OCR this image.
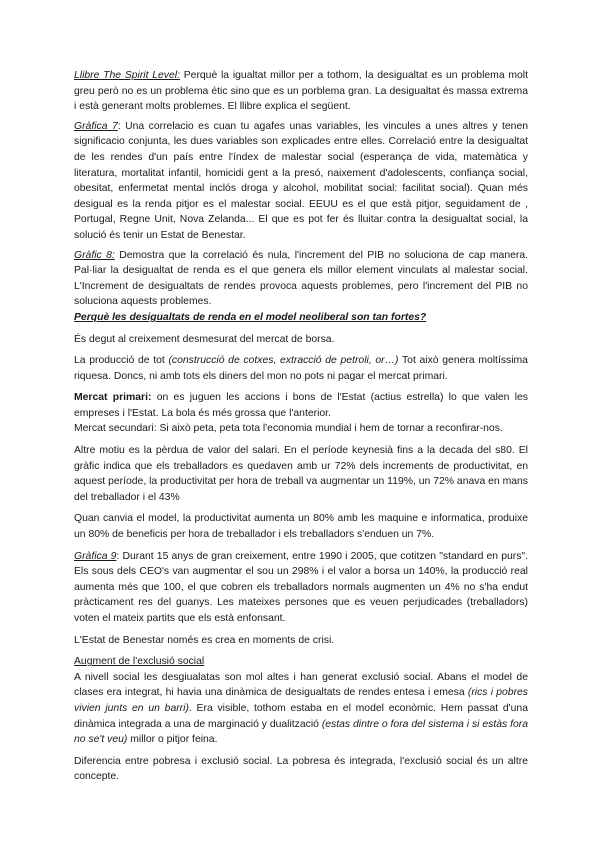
Llibre The Spirit Level: Perquè la igualtat millor per a tothom, la desigualtat es un problema molt greu però no es un problema étic sino que es un porblema gran. La desigualtat és massa extrema i està generant molts problemes. El llibre explica el següent.

Gràfica 7: Una correlacio es cuan tu agafes unas variables, les vincules a unes altres y tenen significacio conjunta, les dues variables son explicades entre elles. Correlació entre la desigualtat de les rendes d'un país entre l'índex de malestar social (esperança de vida, matemàtica y literatura, mortalitat infantil, homicidi gent a la presó, naixement d'adolescents, confiança social, obesitat, enfermetat mental inclós droga y alcohol, mobilitat social: facilitat social). Quan més desigual es la renda pitjor es el malestar social. EEUU es el que està pitjor, seguidament de , Portugal, Regne Unit, Nova Zelanda... El que es pot fer és lluitar contra la desigualtat social, la solució és tenir un Estat de Benestar.

Gràfic 8: Demostra que la correlació és nula, l'increment del PIB no soluciona de cap manera. Pal·liar la desigualtat de renda es el que genera els millor element vinculats al malestar social. L'Increment de desigualtats de rendes provoca aquests problemes, pero l'increment del PIB no soluciona aquests problemes.

Perquè les desigualtats de renda en el model neoliberal son tan fortes?

És degut al creixement desmesurat del mercat de borsa.

La producció de tot (construcció de cotxes, extracció de petroli, or…) Tot això genera moltíssima riquesa. Doncs, ni amb tots els diners del mon no pots ni pagar el mercat primari.

Mercat primari: on es juguen les accions i bons de l'Estat (actius estrella) lo que valen les empreses i l'Estat. La bola és més grossa que l'anterior.

Mercat secundari: Si això peta, peta tota l'economia mundial i hem de tornar a reconfirar-nos.

Altre motiu es la pèrdua de valor del salari. En el període keynesià fins a la decada del s80. El gràfic indica que els treballadors es quedaven amb ur 72% dels increments de productivitat, en aquest període, la productivitat per hora de treball va augmentar un 119%, un 72% anava en mans del treballador i el 43%

Quan canvia el model, la productivitat aumenta un 80% amb les maquine e informatica, produixe un 80% de beneficis per hora de treballador i els treballadors s'enduen un 7%.

Gràfica 9: Durant 15 anys de gran creixement, entre 1990 i 2005, que cotitzen "standard en purs". Els sous dels CEO's van augmentar el sou un 298% i el valor a borsa un 140%, la producció real aumenta més que 100, el que cobren els treballadors normals augmenten un 4% no s'ha endut pràcticament res del guanys. Les mateixes persones que es veuen perjudicades (treballadors) voten el mateix partits que els està enfonsant.

L'Estat de Benestar només es crea en moments de crisi.

Augment de l'exclusió social

A nivell social les desgiualatas son mol altes i han generat exclusió social. Abans el model de clases era integrat, hi havia una dinàmica de desigualtats de rendes entesa i emesa (rics i pobres vivien junts en un barri). Era visible, tothom estaba en el model econòmic. Hem passat d'una dinàmica integrada a una de marginació y dualització (estas dintre o fora del sistema i si estàs fora no se't veu) millor o pitjor feina.

Diferencia entre pobresa i exclusió social. La pobresa és integrada, l'exclusió social és un altre concepte.
